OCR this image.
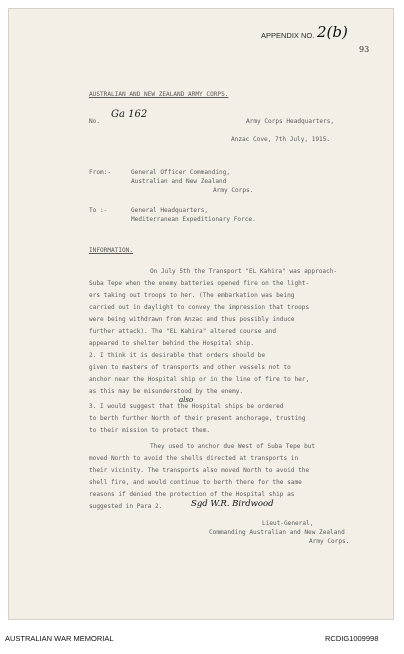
APPENDIX NO. 2(b)
93
AUSTRALIAN AND NEW ZEALAND ARMY CORPS.
No.
Ga 162
Army Corps Headquarters,
Anzac Cove, 7th July, 1915.
From:-	General Officer Commanding,
Australian and New Zealand
Army Corps.
To :-	General Headquarters,
Mediterranean Expeditionary Force.
INFORMATION.
On July 5th the Transport "EL Kahira" was approach-
Suba Tepe when the enemy batteries opened fire on the light-
ers taking out troops to her. (The embarkation was being
carried out in daylight to convey the impression that troops
were being withdrawn from Anzac and thus possibly induce
further attack). The "EL Kahira" altered course and
appeared to shelter behind the Hospital ship.
2. I think it is desirable that orders should be
given to masters of transports and other vessels not to
anchor near the Hospital ship or in the line of fire to her,
as this may be misunderstood by the enemy.
also
3. I would suggest that the Hospital ships be ordered
to berth further North of their present anchorage, trusting
to their mission to protect them.
They used to anchor due West of Suba Tepe but
moved North to avoid the shells directed at transports in
their vicinity. The transports also moved North to avoid the
shell fire, and would continue to berth there for the same
reasons if denied the protection of the Hospital ship as
suggested in Para 2.	Sgd W.R. Birdwood
Lieut-General,
Commanding Australian and New Zealand
Army Corps.
AUSTRALIAN WAR MEMORIAL	RCDIG1009998
